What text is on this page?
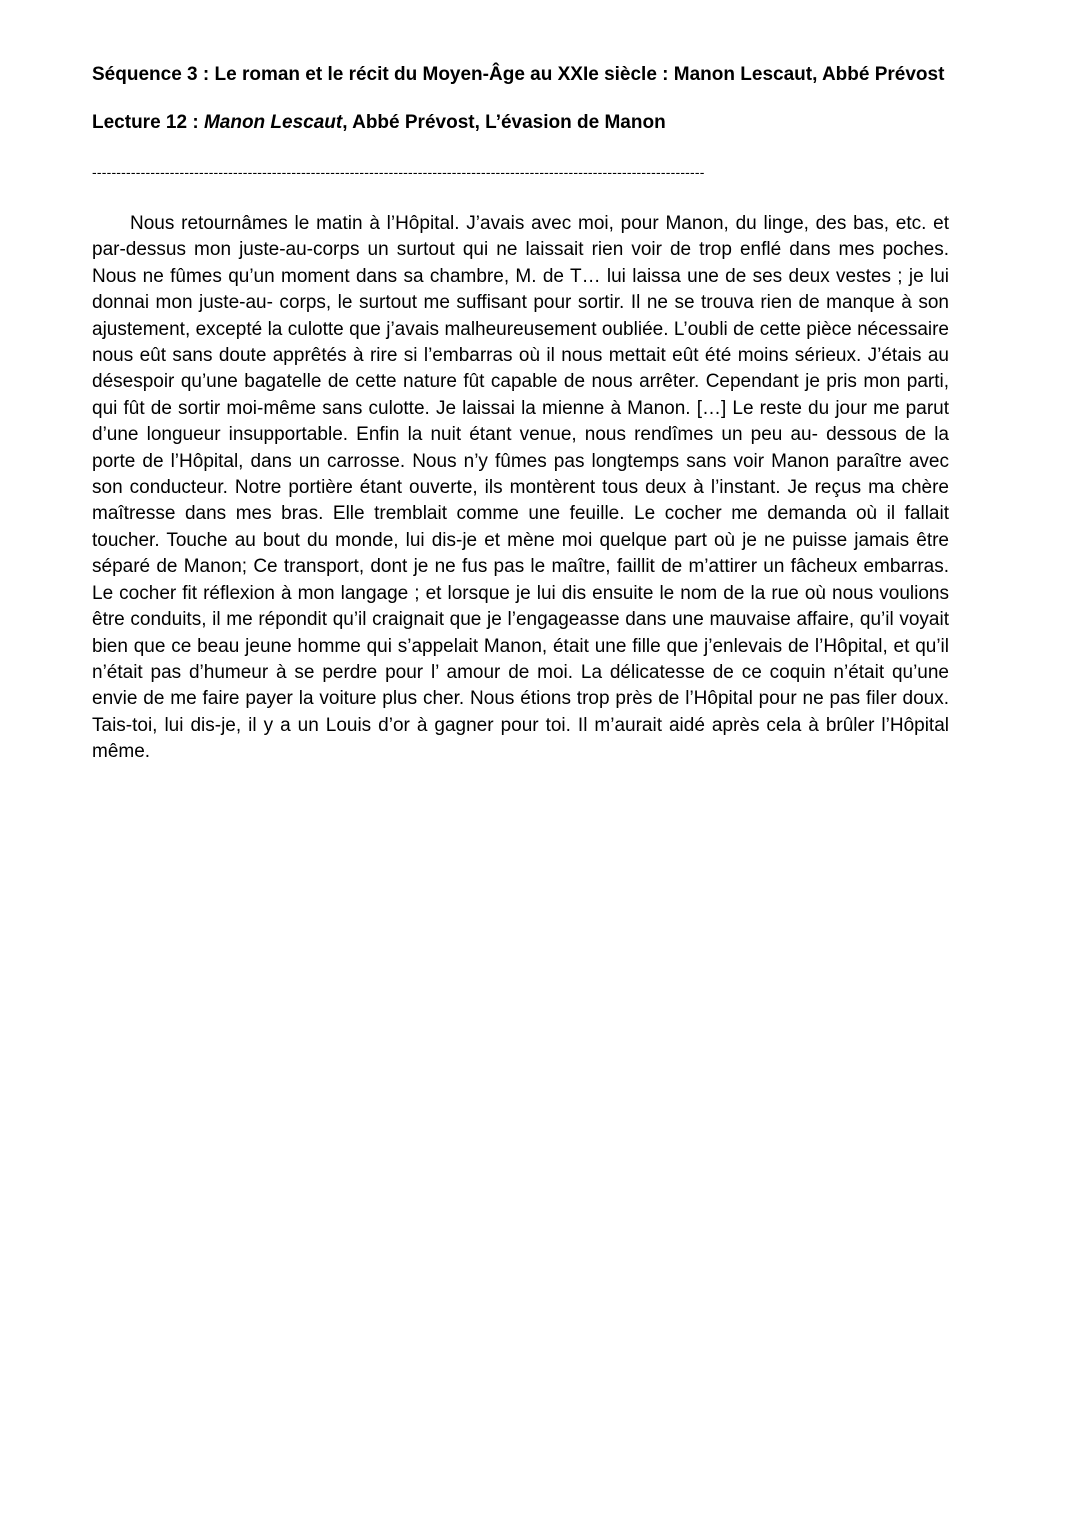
Séquence 3 : Le roman et le récit du Moyen-Âge au XXIe siècle : Manon Lescaut, Abbé Prévost

Lecture 12 : Manon Lescaut, Abbé Prévost, L’évasion de Manon

------------------------------------------------------------------------------------------------------------------------------

Nous retournâmes le matin à l’Hôpital. J’avais avec moi, pour Manon, du linge, des bas, etc. et par-dessus mon juste-au-corps un surtout qui ne laissait rien voir de trop enflé dans mes poches. Nous ne fûmes qu’un moment dans sa chambre, M. de T… lui laissa une de ses deux vestes ; je lui donnai mon juste-au- corps, le surtout me suffisant pour sortir. Il ne se trouva rien de manque à son ajustement, excepté la culotte que j’avais malheureusement oubliée. L’oubli de cette pièce nécessaire nous eût sans doute apprêtés à rire si l’embarras où il nous mettait eût été moins sérieux. J’étais au désespoir qu’une bagatelle de cette nature fût capable de nous arrêter. Cependant je pris mon parti, qui fût de sortir moi-même sans culotte. Je laissai la mienne à Manon. […] Le reste du jour me parut d’une longueur insupportable. Enfin la nuit étant venue, nous rendîmes un peu au- dessous de la porte de l’Hôpital, dans un carrosse. Nous n’y fûmes pas longtemps sans voir Manon paraître avec son conducteur. Notre portière étant ouverte, ils montèrent tous deux à l’instant. Je reçus ma chère maîtresse dans mes bras. Elle tremblait comme une feuille. Le cocher me demanda où il fallait toucher. Touche au bout du monde, lui dis-je et mène moi quelque part où je ne puisse jamais être séparé de Manon; Ce transport, dont je ne fus pas le maître, faillit de m’attirer un fâcheux embarras. Le cocher fit réflexion à mon langage ; et lorsque je lui dis ensuite le nom de la rue où nous voulions être conduits, il me répondit qu’il craignait que je l’engageasse dans une mauvaise affaire, qu’il voyait bien que ce beau jeune homme qui s’appelait Manon, était une fille que j’enlevais de l’Hôpital, et qu’il n’était pas d’humeur à se perdre pour l’ amour de moi. La délicatesse de ce coquin n’était qu’une envie de me faire payer la voiture plus cher. Nous étions trop près de l’Hôpital pour ne pas filer doux. Tais-toi, lui dis-je, il y a un Louis d’or à gagner pour toi. Il m’aurait aidé après cela à brûler l’Hôpital même.
